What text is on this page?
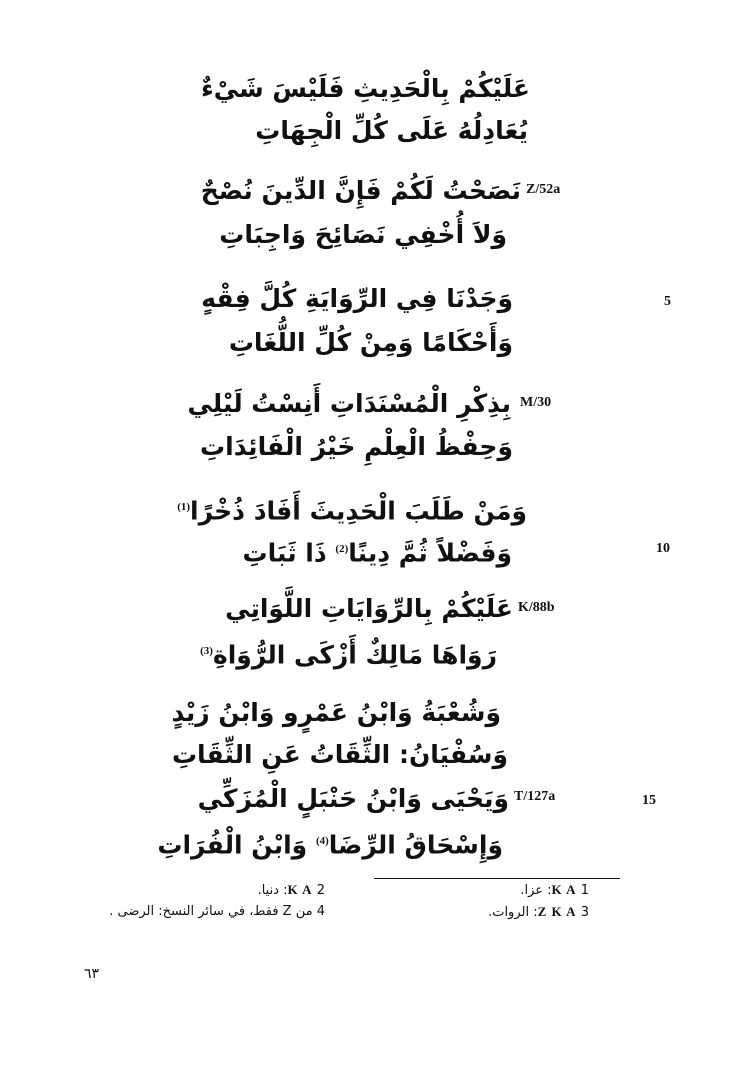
عَلَيْكُمْ بِالْحَدِيثِ فَلَيْسَ شَيْءٌ
يُعَادِلُهُ عَلَى كُلِّ الْجِهَاتِ
Z/52a
نَصَحْتُ لَكُمْ فَإِنَّ الدِّينَ نُصْحٌ
وَلاَ أُخْفِي نَصَائِحَ وَاجِبَاتِ
وَجَدْنَا فِي الرِّوَايَةِ كُلَّ فِقْهٍ	5
وَأَحْكَامًا وَمِنْ كُلِّ اللُّغَاتِ
M/30
بِذِكْرِ الْمُسْنَدَاتِ أَنِسْتُ لَيْلِي
وَحِفْظُ الْعِلْمِ خَيْرُ الْفَائِدَاتِ
وَمَنْ طَلَبَ الْحَدِيثَ أَفَادَ ذُخْرًا$^{(1)}$
وَفَضْلاً ثُمَّ دِينًا$^{(2)}$ ذَا ثَبَاتِ	10
K/88b
عَلَيْكُمْ بِالرِّوَايَاتِ اللَّوَاتِي
رَوَاهَا مَالِكٌ أَزْكَى الرُّوَاةِ$^{(3)}$
وَشُعْبَةُ وَابْنُ عَمْرٍو وَابْنُ زَيْدٍ
وَسُفْيَانُ: الثِّقَاتُ عَنِ الثِّقَاتِ
T/127a
وَيَحْيَى وَابْنُ حَنْبَلٍ الْمُزَكِّي	15
وَإِسْحَاقُ الرِّضَا$^{(4)}$ وَابْنُ الْفُرَاتِ
1 K A: عزا.
3 Z K A: الروات.
2 K A: دنيا.
4 من Z فقط، في سائر النسخ: الرضى .
٦٣
